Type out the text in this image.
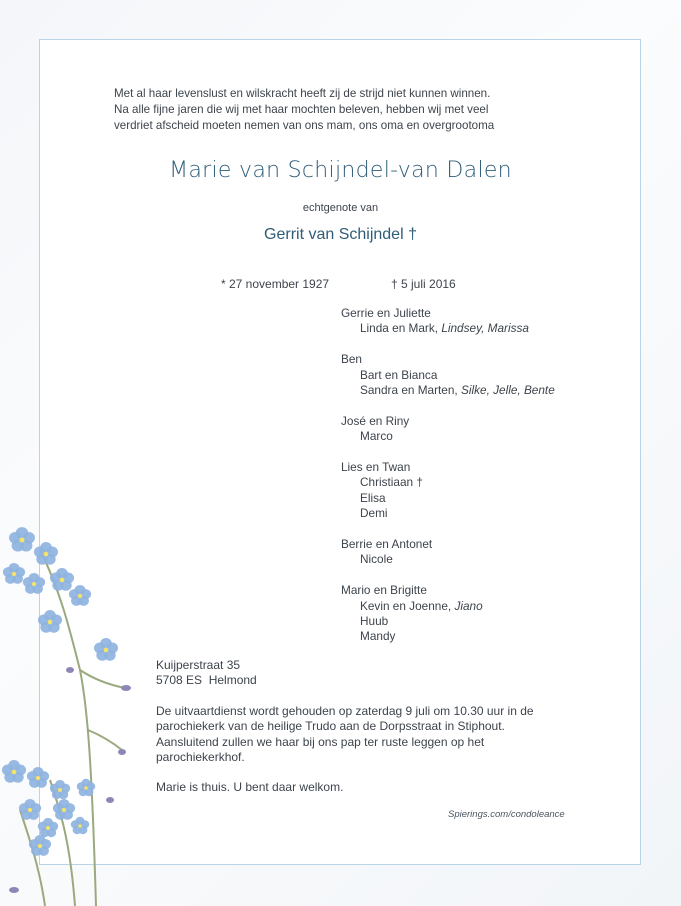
Met al haar levenslust en wilskracht heeft zij de strijd niet kunnen winnen.
Na alle fijne jaren die wij met haar mochten beleven, hebben wij met veel
verdriet afscheid moeten nemen van ons mam, ons oma en overgrootoma
Marie van Schijndel-van Dalen
echtgenote van
Gerrit van Schijndel †
* 27 november 1927	† 5 juli 2016
Gerrie en Juliette
Linda en Mark, Lindsey, Marissa
Ben
Bart en Bianca
Sandra en Marten, Silke, Jelle, Bente
José en Riny
Marco
Lies en Twan
Christiaan †
Elisa
Demi
Berrie en Antonet
Nicole
Mario en Brigitte
Kevin en Joenne, Jiano
Huub
Mandy
Kuijperstraat 35
5708 ES  Helmond
De uitvaartdienst wordt gehouden op zaterdag 9 juli om 10.30 uur in de
parochiekerk van de heilige Trudo aan de Dorpsstraat in Stiphout.
Aansluitend zullen we haar bij ons pap ter ruste leggen op het
parochiekerkhof.
Marie is thuis. U bent daar welkom.
Spierings.com/condoleance
